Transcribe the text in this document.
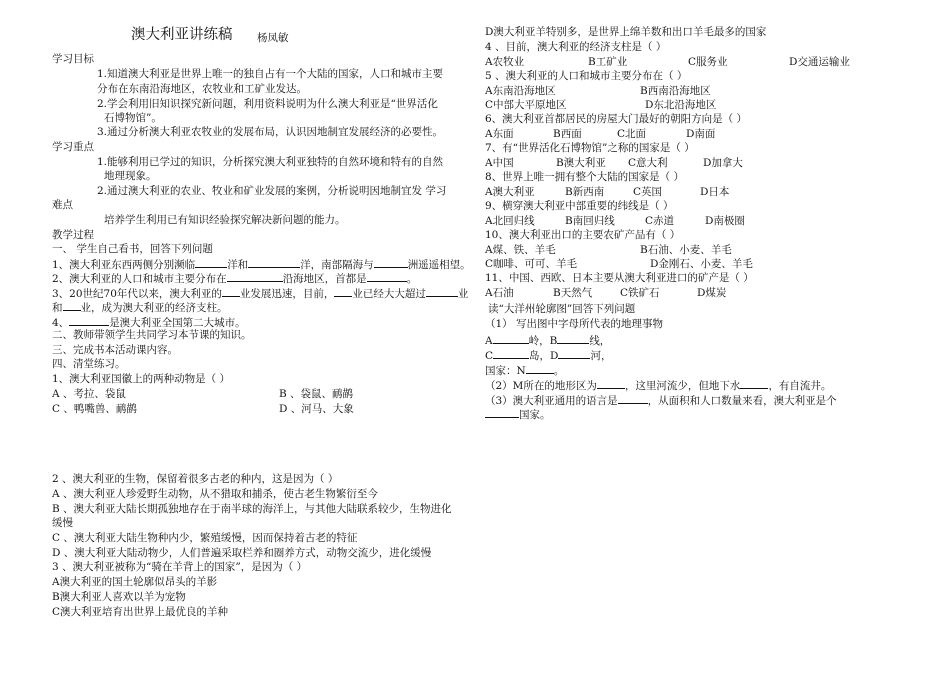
澳大利亚讲练稿 杨凤敏
学习目标
1.知道澳大利亚是世界上唯一的独自占有一个大陆的国家，人口和城市主要
分布在东南沿海地区，农牧业和工矿业发达。
2.学会利用旧知识探究新问题，利用资料说明为什么澳大利亚是“世界活化
石博物馆”。
3.通过分析澳大利亚农牧业的发展布局，认识因地制宜发展经济的必要性。
学习重点
1.能够利用已学过的知识，分析探究澳大利亚独特的自然环境和特有的自然
地理现象。
2.通过澳大利亚的农业、牧业和矿业发展的案例，分析说明因地制宜发 学习
难点
培养学生利用已有知识经验探究解决新问题的能力。
教学过程
一、 学生自己看书，回答下列问题
1、澳大利亚东西两侧分别濒临	洋和	洋，南部隔海与	洲遥遥相望。
2、澳大利亚的人口和城市主要分布在	沿海地区，首都是	。
3、20世纪70年代以来，澳大利亚的 业发展迅速，目前， 业已经大大超过	业
和 业，成为澳大利亚的经济支柱。
4、	是澳大利亚全国第二大城市。
二、教师带领学生共同学习本节课的知识。
三、完成书本活动课内容。
四、清堂练习。
1、澳大利亚国徽上的两种动物是（ ）
A 、考拉、袋鼠	B 、袋鼠、鸸鹋
C 、鸭嘴兽、鸸鹋	D 、河马、大象
2 、澳大利亚的生物，保留着很多古老的种内，这是因为（ ）
A 、澳大利亚人珍爱野生动物，从不猎取和捕杀，使古老生物繁衍至今
B 、澳大利亚大陆长期孤独地存在于南半球的海洋上，与其他大陆联系较少，生物进化
缓慢
C 、澳大利亚大陆生物种内少，繁殖缓慢，因而保持着古老的特征
D 、澳大利亚大陆动物少，人们普遍采取栏养和圈养方式，动物交流少，进化缓慢
3 、澳大利亚被称为“骑在羊背上的国家”，是因为（ ）
A澳大利亚的国土轮廓似昂头的羊影
B澳大利亚人喜欢以羊为宠物
C澳大利亚培育出世界上最优良的羊种
D澳大利亚羊特别多，是世界上绵羊数和出口羊毛最多的国家
4 、目前，澳大利亚的经济支柱是（ ）
A农牧业	B工矿业	C服务业	D交通运输业
5 、澳大利亚的人口和城市主要分布在（ ）
A东南沿海地区	B西南沿海地区
C中部大平原地区	D东北沿海地区
6、澳大利亚首都居民的房屋大门最好的朝阳方向是（ ）
A东面	B西面	C北面	D南面
7、有“世界活化石博物馆”之称的国家是（ ）
A中国	B澳大利亚 C意大利	D加拿大
8、世界上唯一拥有整个大陆的国家是（ ）
A澳大利亚	B新西南	C英国	D日本
9、横穿澳大利亚中部重要的纬线是（ ）
A北回归线	B南回归线	C赤道	D南极圈
10、澳大利亚出口的主要农矿产品有（ ）
A煤、铁、羊毛	B石油、小麦、羊毛
C咖啡、可可、羊毛	D金刚石、小麦、羊毛
11、中国、西欧、日本主要从澳大利亚进口的矿产是（ ）
A石油	B天然气	C铁矿石	D煤炭
读“大洋州轮廓图”回答下列问题
（1） 写出图中字母所代表的地理事物
A	岭，B	线，
C	岛，D	河，
国家：N	。
（2）M所在的地形区为	，这里河流少，但地下水	，有自流井。
（3）澳大利亚通用的语言是	，从面积和人口数量来看，澳大利亚是个
国家。
